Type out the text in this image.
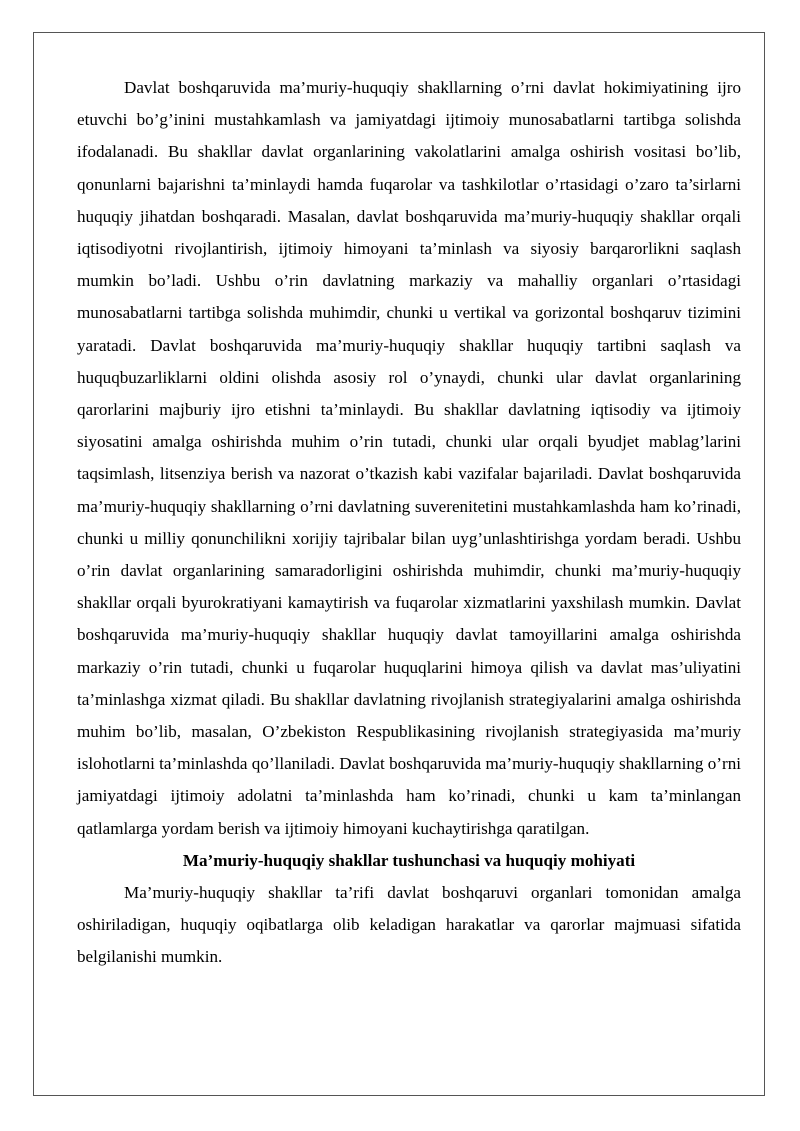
Davlat boshqaruvida ma’muriy-huquqiy shakllarning o’rni davlat hokimiyatining ijro etuvchi bo’g’inini mustahkamlash va jamiyatdagi ijtimoiy munosabatlarni tartibga solishda ifodalanadi. Bu shakllar davlat organlarining vakolatlarini amalga oshirish vositasi bo’lib, qonunlarni bajarishni ta’minlaydi hamda fuqarolar va tashkilotlar o’rtasidagi o’zaro ta’sirlarni huquqiy jihatdan boshqaradi. Masalan, davlat boshqaruvida ma’muriy-huquqiy shakllar orqali iqtisodiyotni rivojlantirish, ijtimoiy himoyani ta’minlash va siyosiy barqarorlikni saqlash mumkin bo’ladi. Ushbu o’rin davlatning markaziy va mahalliy organlari o’rtasidagi munosabatlarni tartibga solishda muhimdir, chunki u vertikal va gorizontal boshqaruv tizimini yaratadi. Davlat boshqaruvida ma’muriy-huquqiy shakllar huquqiy tartibni saqlash va huquqbuzarliklarni oldini olishda asosiy rol o’ynaydi, chunki ular davlat organlarining qarorlarini majburiy ijro etishni ta’minlaydi. Bu shakllar davlatning iqtisodiy va ijtimoiy siyosatini amalga oshirishda muhim o’rin tutadi, chunki ular orqali byudjet mablag’larini taqsimlash, litsenziya berish va nazorat o’tkazish kabi vazifalar bajariladi. Davlat boshqaruvida ma’muriy-huquqiy shakllarning o’rni davlatning suverenitetini mustahkamlashda ham ko’rinadi, chunki u milliy qonunchilikni xorijiy tajribalar bilan uyg’unlashtirishga yordam beradi. Ushbu o’rin davlat organlarining samaradorligini oshirishda muhimdir, chunki ma’muriy-huquqiy shakllar orqali byurokratiyani kamaytirish va fuqarolar xizmatlarini yaxshilash mumkin. Davlat boshqaruvida ma’muriy-huquqiy shakllar huquqiy davlat tamoyillarini amalga oshirishda markaziy o’rin tutadi, chunki u fuqarolar huquqlarini himoya qilish va davlat mas’uliyatini ta’minlashga xizmat qiladi. Bu shakllar davlatning rivojlanish strategiyalarini amalga oshirishda muhim bo’lib, masalan, O’zbekiston Respublikasining rivojlanish strategiyasida ma’muriy islohotlarni ta’minlashda qo’llaniladi. Davlat boshqaruvida ma’muriy-huquqiy shakllarning o’rni jamiyatdagi ijtimoiy adolatni ta’minlashda ham ko’rinadi, chunki u kam ta’minlangan qatlamlarga yordam berish va ijtimoiy himoyani kuchaytirishga qaratilgan.

Ma’muriy-huquqiy shakllar tushunchasi va huquqiy mohiyati

Ma’muriy-huquqiy shakllar ta’rifi davlat boshqaruvi organlari tomonidan amalga oshiriladigan, huquqiy oqibatlarga olib keladigan harakatlar va qarorlar majmuasi sifatida belgilanishi mumkin.
